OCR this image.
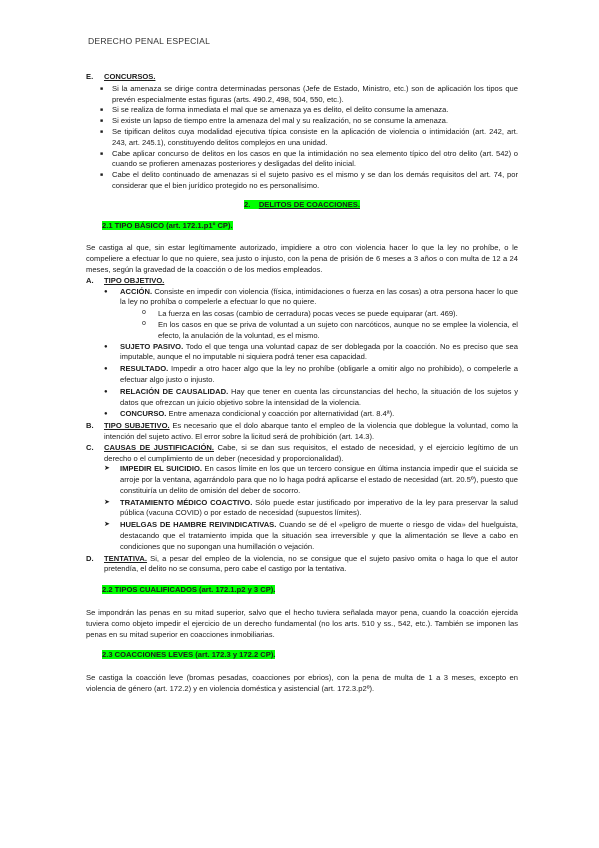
DERECHO PENAL ESPECIAL
E. CONCURSOS.
■ Si la amenaza se dirige contra determinadas personas (Jefe de Estado, Ministro, etc.) son de aplicación los tipos que prevén especialmente estas figuras (arts. 490.2, 498, 504, 550, etc.).
■ Si se realiza de forma inmediata el mal que se amenaza ya es delito, el delito consume la amenaza.
■ Si existe un lapso de tiempo entre la amenaza del mal y su realización, no se consume la amenaza.
■ Se tipifican delitos cuya modalidad ejecutiva típica consiste en la aplicación de violencia o intimidación (art. 242, art. 243, art. 245.1), constituyendo delitos complejos en una unidad.
■ Cabe aplicar concurso de delitos en los casos en que la intimidación no sea elemento típico del otro delito (art. 542) o cuando se profieren amenazas posteriores y desligadas del delito inicial.
■ Cabe el delito continuado de amenazas si el sujeto pasivo es el mismo y se dan los demás requisitos del art. 74, por considerar que el bien jurídico protegido no es personalísimo.
2. DELITOS DE COACCIONES.
2.1 TIPO BÁSICO (art. 172.1.p1º CP).
Se castiga al que, sin estar legítimamente autorizado, impidiere a otro con violencia hacer lo que la ley no prohíbe, o le compeliere a efectuar lo que no quiere, sea justo o injusto, con la pena de prisión de 6 meses a 3 años o con multa de 12 a 24 meses, según la gravedad de la coacción o de los medios empleados.
A. TIPO OBJETIVO.
● ACCIÓN. Consiste en impedir con violencia (física, intimidaciones o fuerza en las cosas) a otra persona hacer lo que la ley no prohíba o compelerle a efectuar lo que no quiere.
o La fuerza en las cosas (cambio de cerradura) pocas veces se puede equiparar (art. 469).
o En los casos en que se priva de voluntad a un sujeto con narcóticos, aunque no se emplee la violencia, el efecto, la anulación de la voluntad, es el mismo.
● SUJETO PASIVO. Todo el que tenga una voluntad capaz de ser doblegada por la coacción. No es preciso que sea imputable, aunque el no imputable ni siquiera podrá tener esa capacidad.
● RESULTADO. Impedir a otro hacer algo que la ley no prohíbe (obligarle a omitir algo no prohibido), o compelerle a efectuar algo justo o injusto.
● RELACIÓN DE CAUSALIDAD. Hay que tener en cuenta las circunstancias del hecho, la situación de los sujetos y datos que ofrezcan un juicio objetivo sobre la intensidad de la violencia.
● CONCURSO. Entre amenaza condicional y coacción por alternatividad (art. 8.4ª).
B. TIPO SUBJETIVO. Es necesario que el dolo abarque tanto el empleo de la violencia que doblegue la voluntad, como la intención del sujeto activo. El error sobre la licitud será de prohibición (art. 14.3).
C. CAUSAS DE JUSTIFICACIÓN. Cabe, si se dan sus requisitos, el estado de necesidad, y el ejercicio legítimo de un derecho o el cumplimiento de un deber (necesidad y proporcionalidad).
➤ IMPEDIR EL SUICIDIO. En casos límite en los que un tercero consigue en última instancia impedir que el suicida se arroje por la ventana, agarrándolo para que no lo haga podrá aplicarse el estado de necesidad (art. 20.5º), puesto que constituiría un delito de omisión del deber de socorro.
➤ TRATAMIENTO MÉDICO COACTIVO. Sólo puede estar justificado por imperativo de la ley para preservar la salud pública (vacuna COVID) o por estado de necesidad (supuestos límites).
➤ HUELGAS DE HAMBRE REIVINDICATIVAS. Cuando se dé el «peligro de muerte o riesgo de vida» del huelguista, destacando que el tratamiento impida que la situación sea irreversible y que la alimentación se lleve a cabo en condiciones que no supongan una humillación o vejación.
D. TENTATIVA. Si, a pesar del empleo de la violencia, no se consigue que el sujeto pasivo omita o haga lo que el autor pretendía, el delito no se consuma, pero cabe el castigo por la tentativa.
2.2 TIPOS CUALIFICADOS (art. 172.1.p2 y 3 CP).
Se impondrán las penas en su mitad superior, salvo que el hecho tuviera señalada mayor pena, cuando la coacción ejercida tuviera como objeto impedir el ejercicio de un derecho fundamental (no los arts. 510 y ss., 542, etc.). También se imponen las penas en su mitad superior en coacciones inmobiliarias.
2.3 COACCIONES LEVES (art. 172.3 y 172.2 CP).
Se castiga la coacción leve (bromas pesadas, coacciones por ebrios), con la pena de multa de 1 a 3 meses, excepto en violencia de género (art. 172.2) y en violencia doméstica y asistencial (art. 172.3.p2º).
